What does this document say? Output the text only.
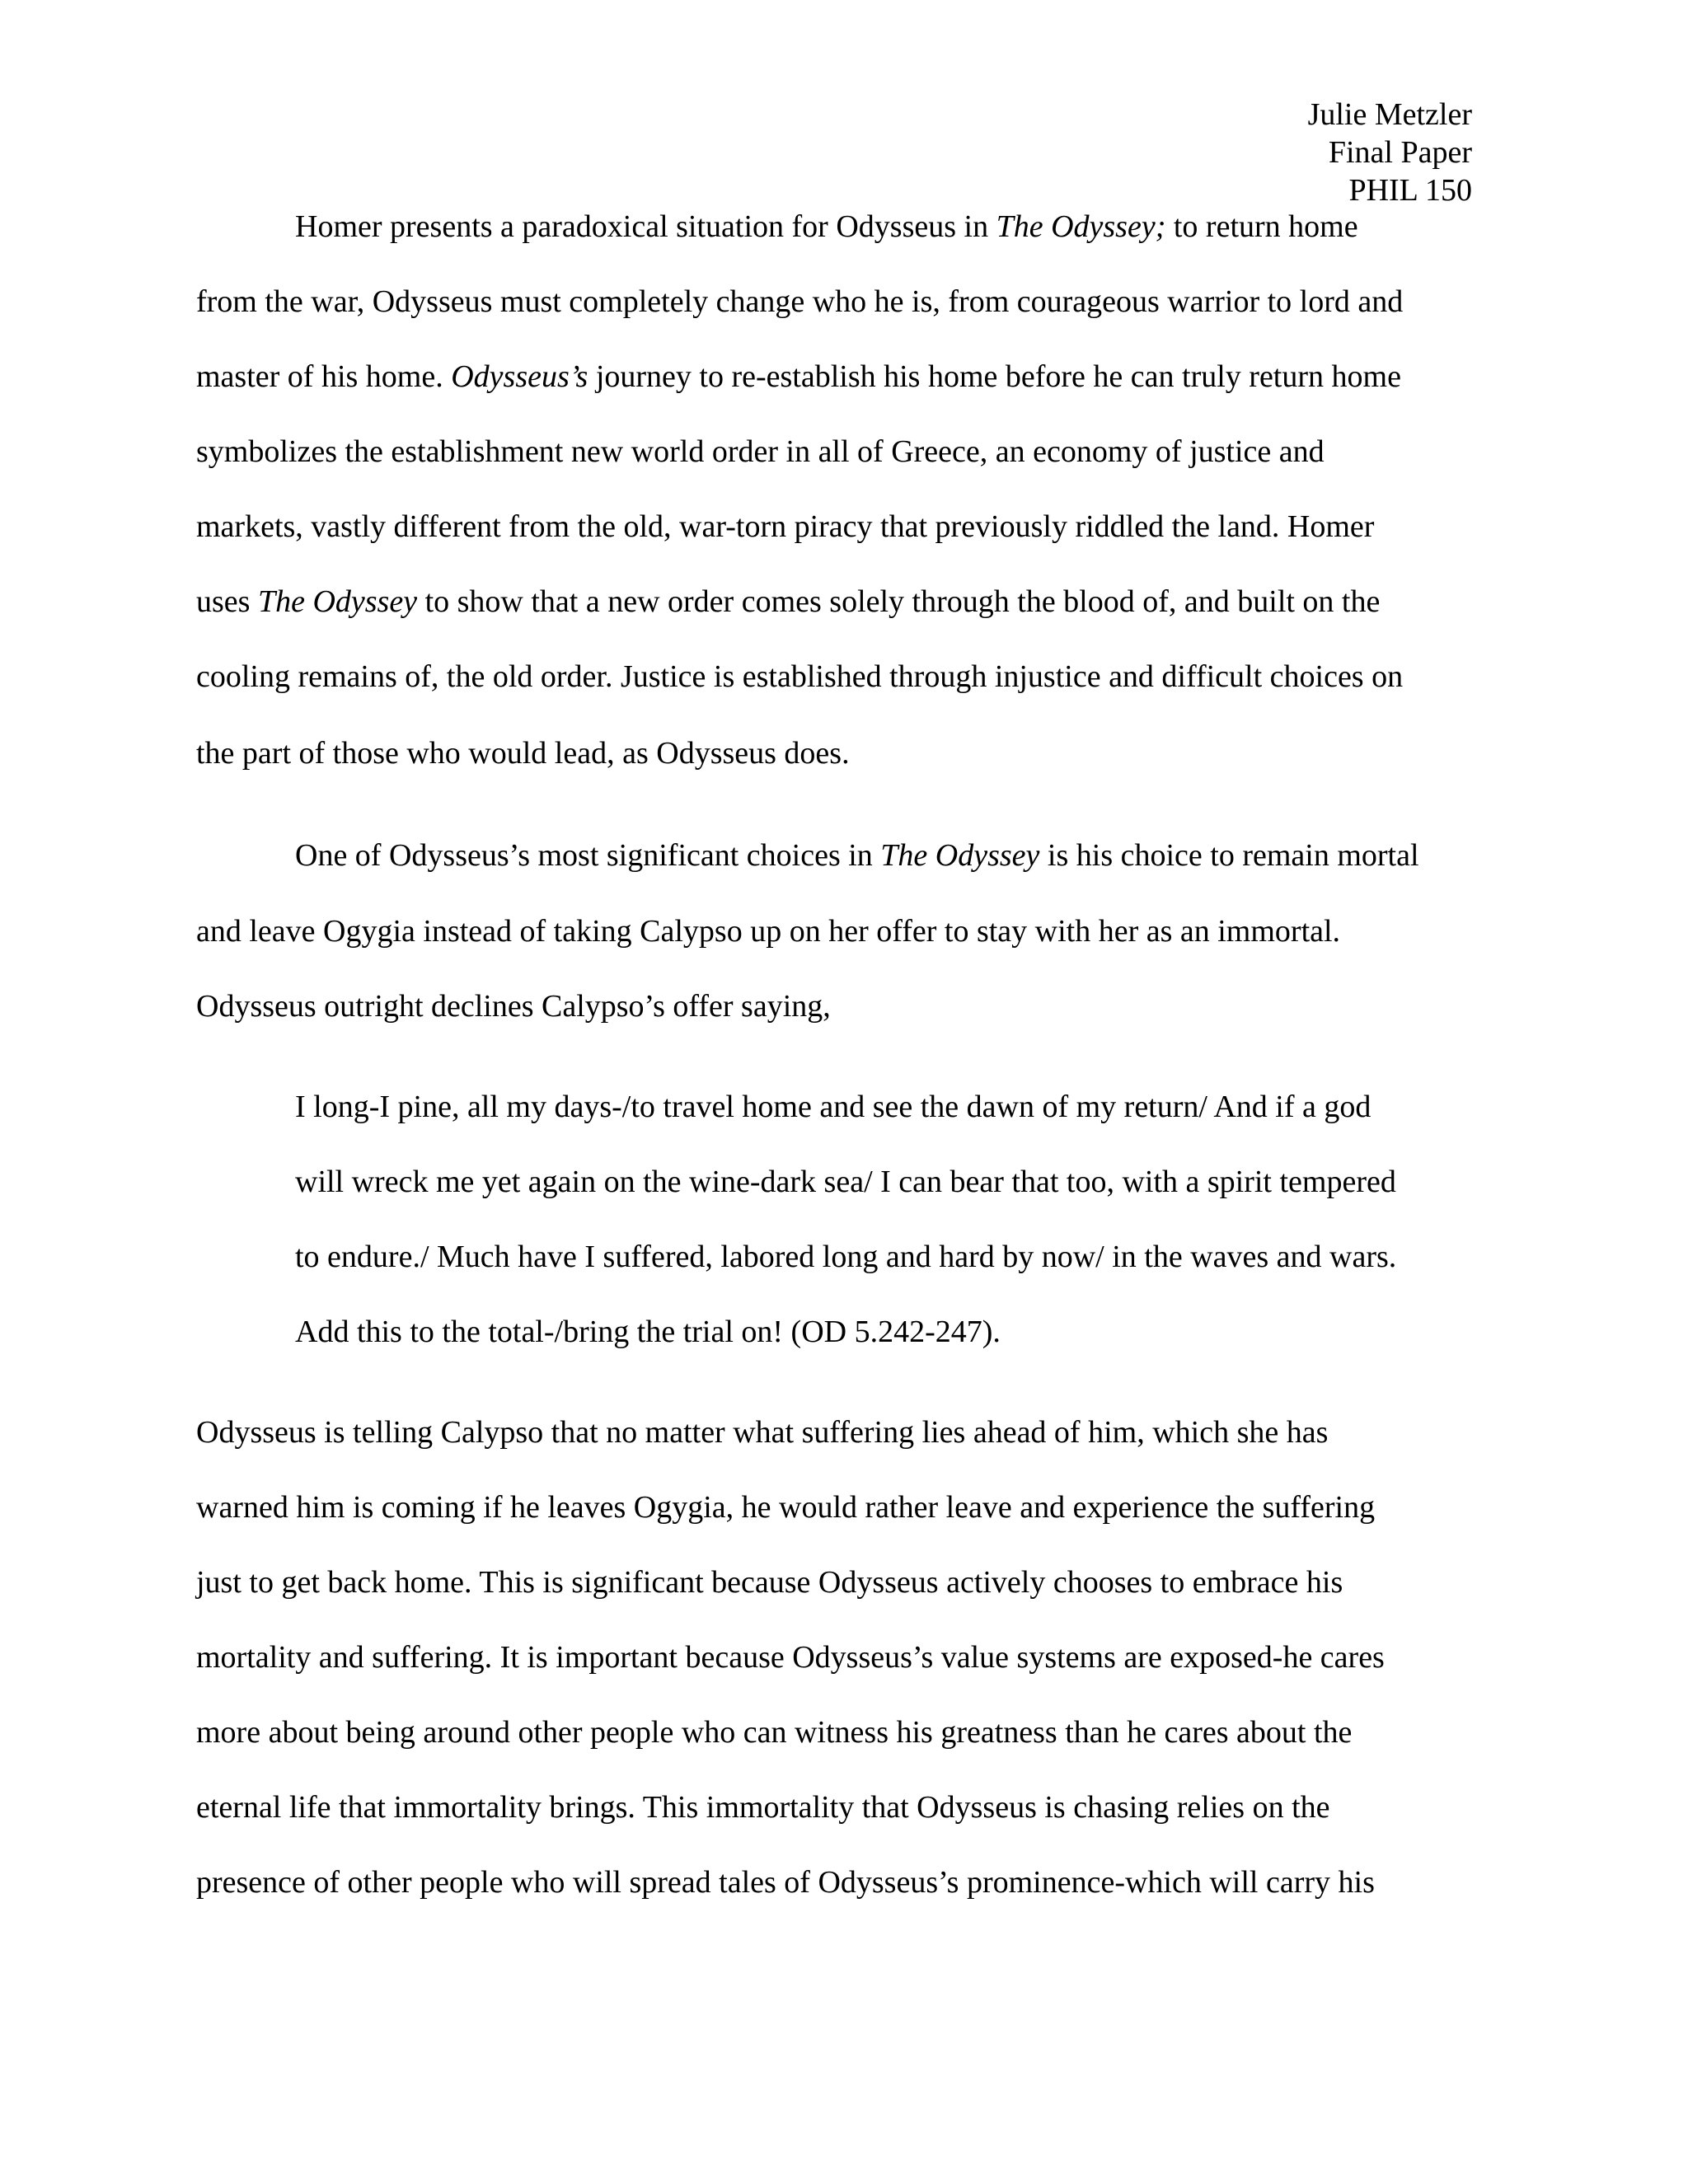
Julie Metzler
Final Paper
PHIL 150
Homer presents a paradoxical situation for Odysseus in The Odyssey; to return home
from the war, Odysseus must completely change who he is, from courageous warrior to lord and
master of his home. Odysseus’s journey to re-establish his home before he can truly return home
symbolizes the establishment new world order in all of Greece, an economy of justice and
markets, vastly different from the old, war-torn piracy that previously riddled the land. Homer
uses The Odyssey to show that a new order comes solely through the blood of, and built on the
cooling remains of, the old order. Justice is established through injustice and difficult choices on
the part of those who would lead, as Odysseus does.
One of Odysseus’s most significant choices in The Odyssey is his choice to remain mortal
and leave Ogygia instead of taking Calypso up on her offer to stay with her as an immortal.
Odysseus outright declines Calypso’s offer saying,
I long-I pine, all my days-/to travel home and see the dawn of my return/ And if a god
will wreck me yet again on the wine-dark sea/ I can bear that too, with a spirit tempered
to endure./ Much have I suffered, labored long and hard by now/ in the waves and wars.
Add this to the total-/bring the trial on! (OD 5.242-247).
Odysseus is telling Calypso that no matter what suffering lies ahead of him, which she has
warned him is coming if he leaves Ogygia, he would rather leave and experience the suffering
just to get back home. This is significant because Odysseus actively chooses to embrace his
mortality and suffering. It is important because Odysseus’s value systems are exposed-he cares
more about being around other people who can witness his greatness than he cares about the
eternal life that immortality brings. This immortality that Odysseus is chasing relies on the
presence of other people who will spread tales of Odysseus’s prominence-which will carry his
